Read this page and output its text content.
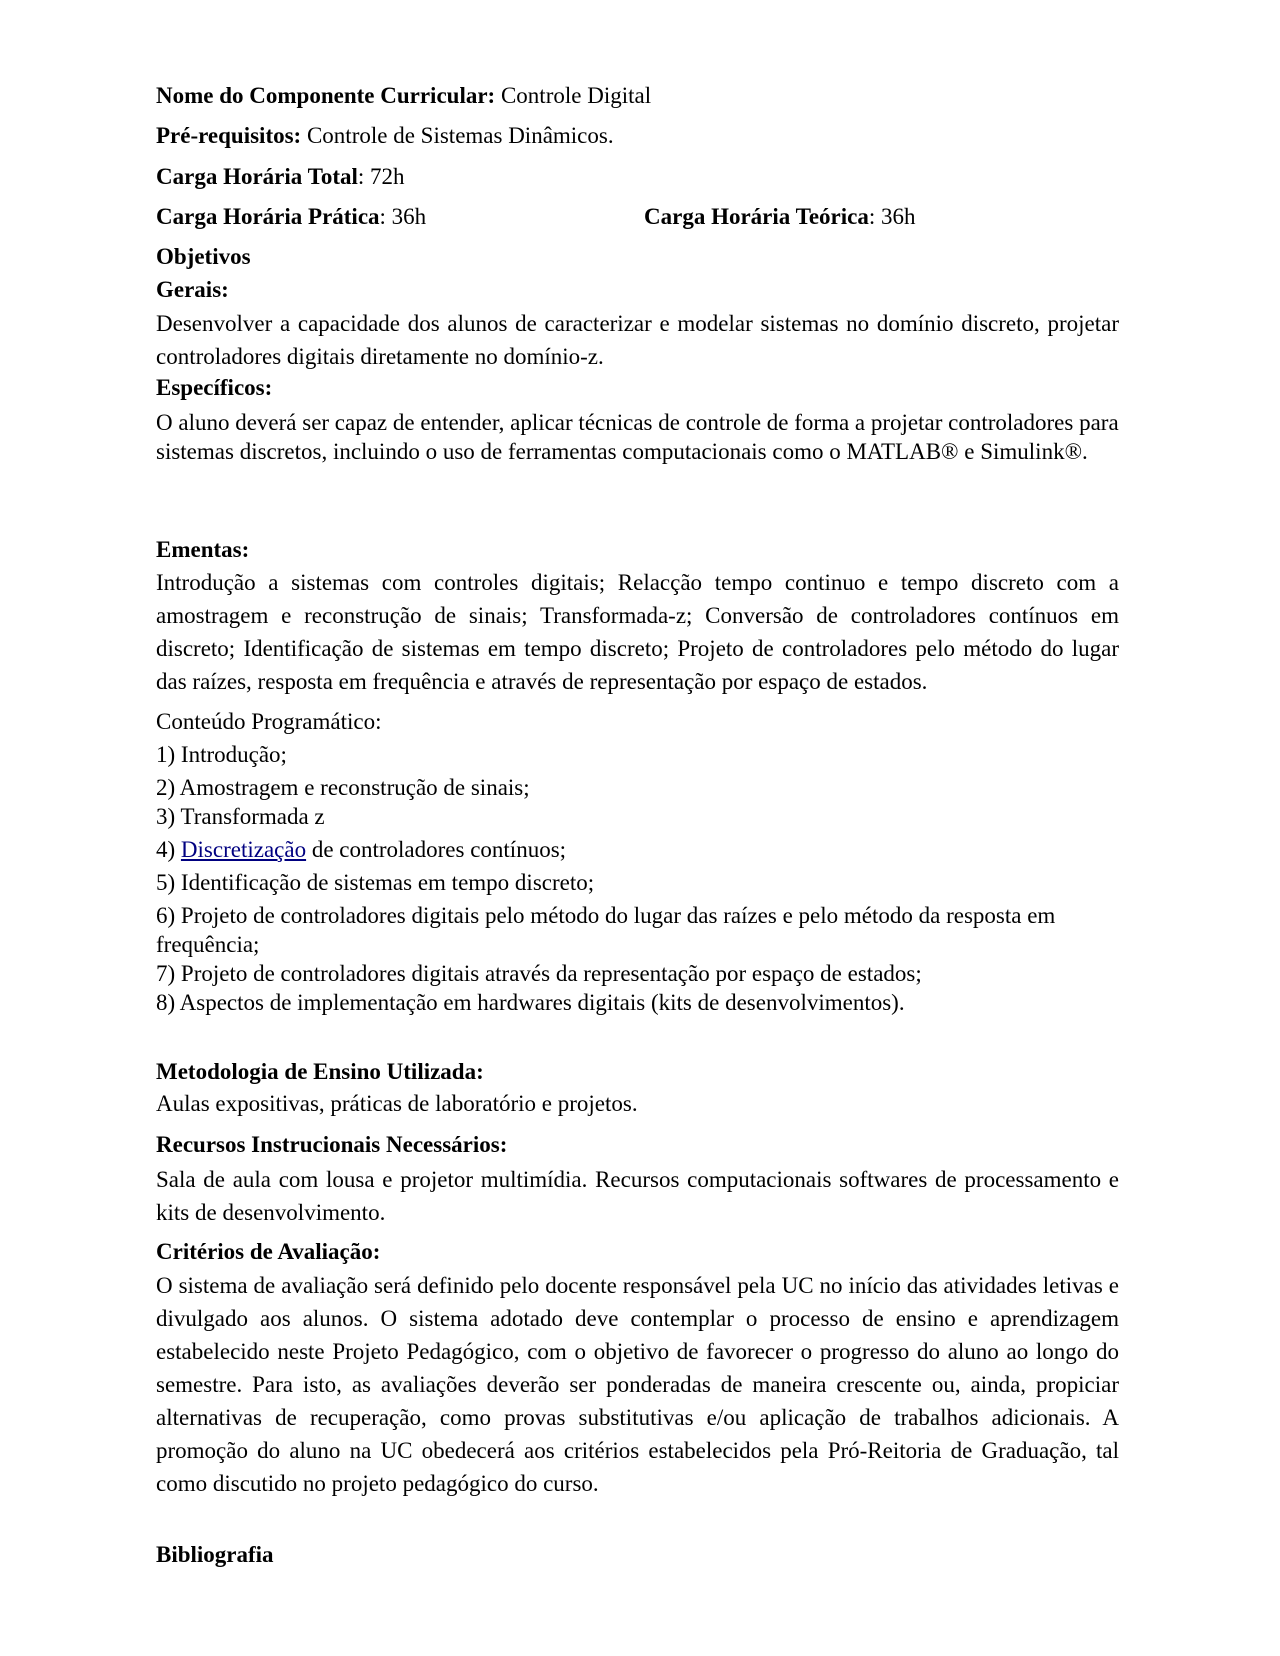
Nome do Componente Curricular: Controle Digital
Pré-requisitos: Controle de Sistemas Dinâmicos.
Carga Horária Total: 72h
Carga Horária Prática: 36h	Carga Horária Teórica: 36h
Objetivos
Gerais:
Desenvolver a capacidade dos alunos de caracterizar e modelar sistemas no domínio discreto, projetar controladores digitais diretamente no domínio-z.
Específicos:
O aluno deverá ser capaz de entender, aplicar técnicas de controle de forma a projetar controladores para sistemas discretos, incluindo o uso de ferramentas computacionais como o MATLAB® e Simulink®.
Ementas:
Introdução a sistemas com controles digitais; Relacção tempo continuo e tempo discreto com a amostragem e reconstrução de sinais; Transformada-z; Conversão de controladores contínuos em discreto; Identificação de sistemas em tempo discreto; Projeto de controladores pelo método do lugar das raízes, resposta em frequência e através de representação por espaço de estados.
Conteúdo Programático:
1) Introdução;
2) Amostragem e reconstrução de sinais;
3) Transformada z
4) Discretização de controladores contínuos;
5) Identificação de sistemas em tempo discreto;
6) Projeto de controladores digitais pelo método do lugar das raízes e pelo método da resposta em frequência;
7) Projeto de controladores digitais através da representação por espaço de estados;
8) Aspectos de implementação em hardwares digitais (kits de desenvolvimentos).
Metodologia de Ensino Utilizada:
Aulas expositivas, práticas de laboratório e projetos.
Recursos Instrucionais Necessários:
Sala de aula com lousa e projetor multimídia. Recursos computacionais softwares de processamento e kits de desenvolvimento.
Critérios de Avaliação:
O sistema de avaliação será definido pelo docente responsável pela UC no início das atividades letivas e divulgado aos alunos. O sistema adotado deve contemplar o processo de ensino e aprendizagem estabelecido neste Projeto Pedagógico, com o objetivo de favorecer o progresso do aluno ao longo do semestre. Para isto, as avaliações deverão ser ponderadas de maneira crescente ou, ainda, propiciar alternativas de recuperação, como provas substitutivas e/ou aplicação de trabalhos adicionais. A promoção do aluno na UC obedecerá aos critérios estabelecidos pela Pró-Reitoria de Graduação, tal como discutido no projeto pedagógico do curso.
Bibliografia
